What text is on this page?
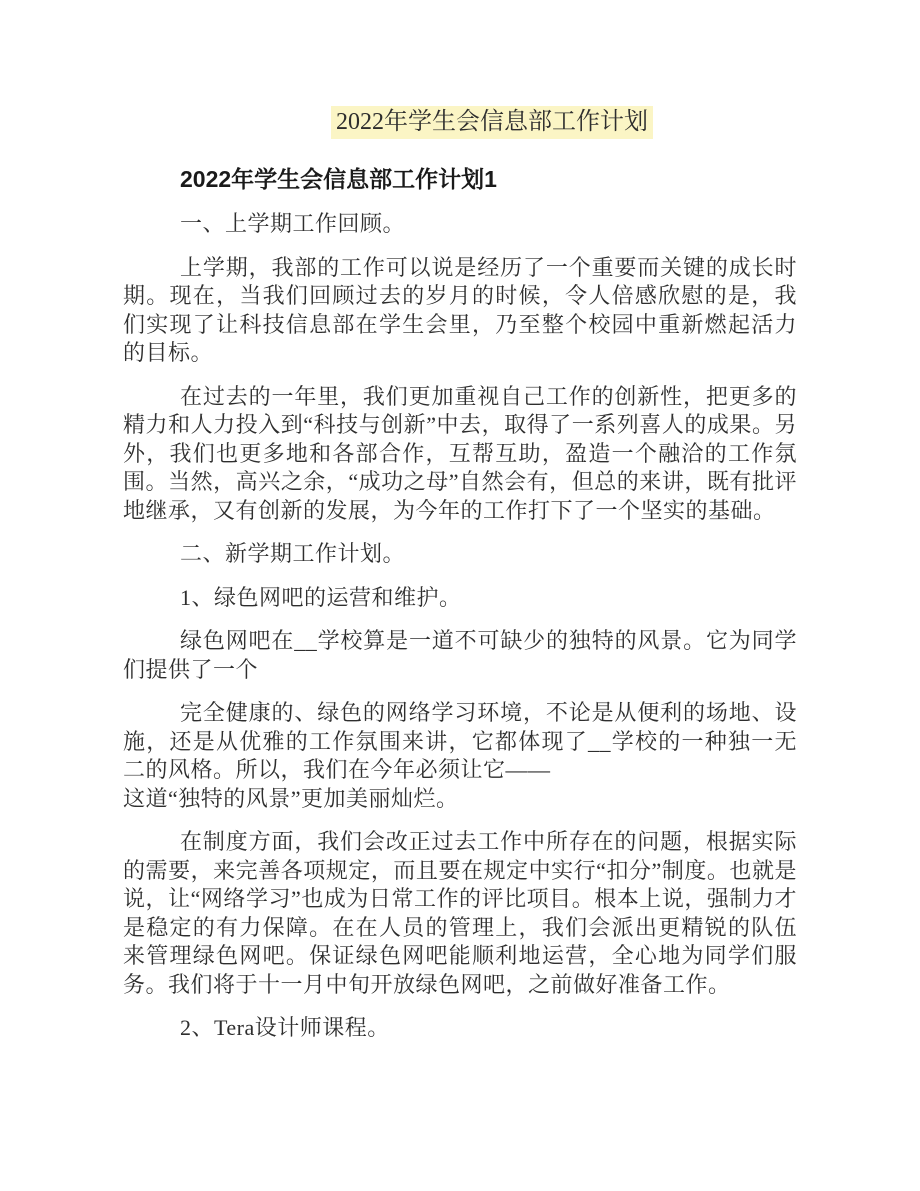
2022年学生会信息部工作计划
2022年学生会信息部工作计划1

一、上学期工作回顾。

上学期，我部的工作可以说是经历了一个重要而关键的成长时期。现在，当我们回顾过去的岁月的时候，令人倍感欣慰的是，我们实现了让科技信息部在学生会里，乃至整个校园中重新燃起活力的目标。

在过去的一年里，我们更加重视自己工作的创新性，把更多的精力和人力投入到“科技与创新”中去，取得了一系列喜人的成果。另外，我们也更多地和各部合作，互帮互助，盈造一个融洽的工作氛围。当然，高兴之余，“成功之母”自然会有，但总的来讲，既有批评地继承，又有创新的发展，为今年的工作打下了一个坚实的基础。

二、新学期工作计划。

1、绿色网吧的运营和维护。

绿色网吧在__学校算是一道不可缺少的独特的风景。它为同学们提供了一个

完全健康的、绿色的网络学习环境，不论是从便利的场地、设施，还是从优雅的工作氛围来讲，它都体现了__学校的一种独一无二的风格。所以，我们在今年必须让它——

这道“独特的风景”更加美丽灿烂。

在制度方面，我们会改正过去工作中所存在的问题，根据实际的需要，来完善各项规定，而且要在规定中实行“扣分”制度。也就是说，让“网络学习”也成为日常工作的评比项目。根本上说，强制力才是稳定的有力保障。在在人员的管理上，我们会派出更精锐的队伍来管理绿色网吧。保证绿色网吧能顺利地运营，全心地为同学们服务。我们将于十一月中旬开放绿色网吧，之前做好准备工作。

2、Tera设计师课程。
